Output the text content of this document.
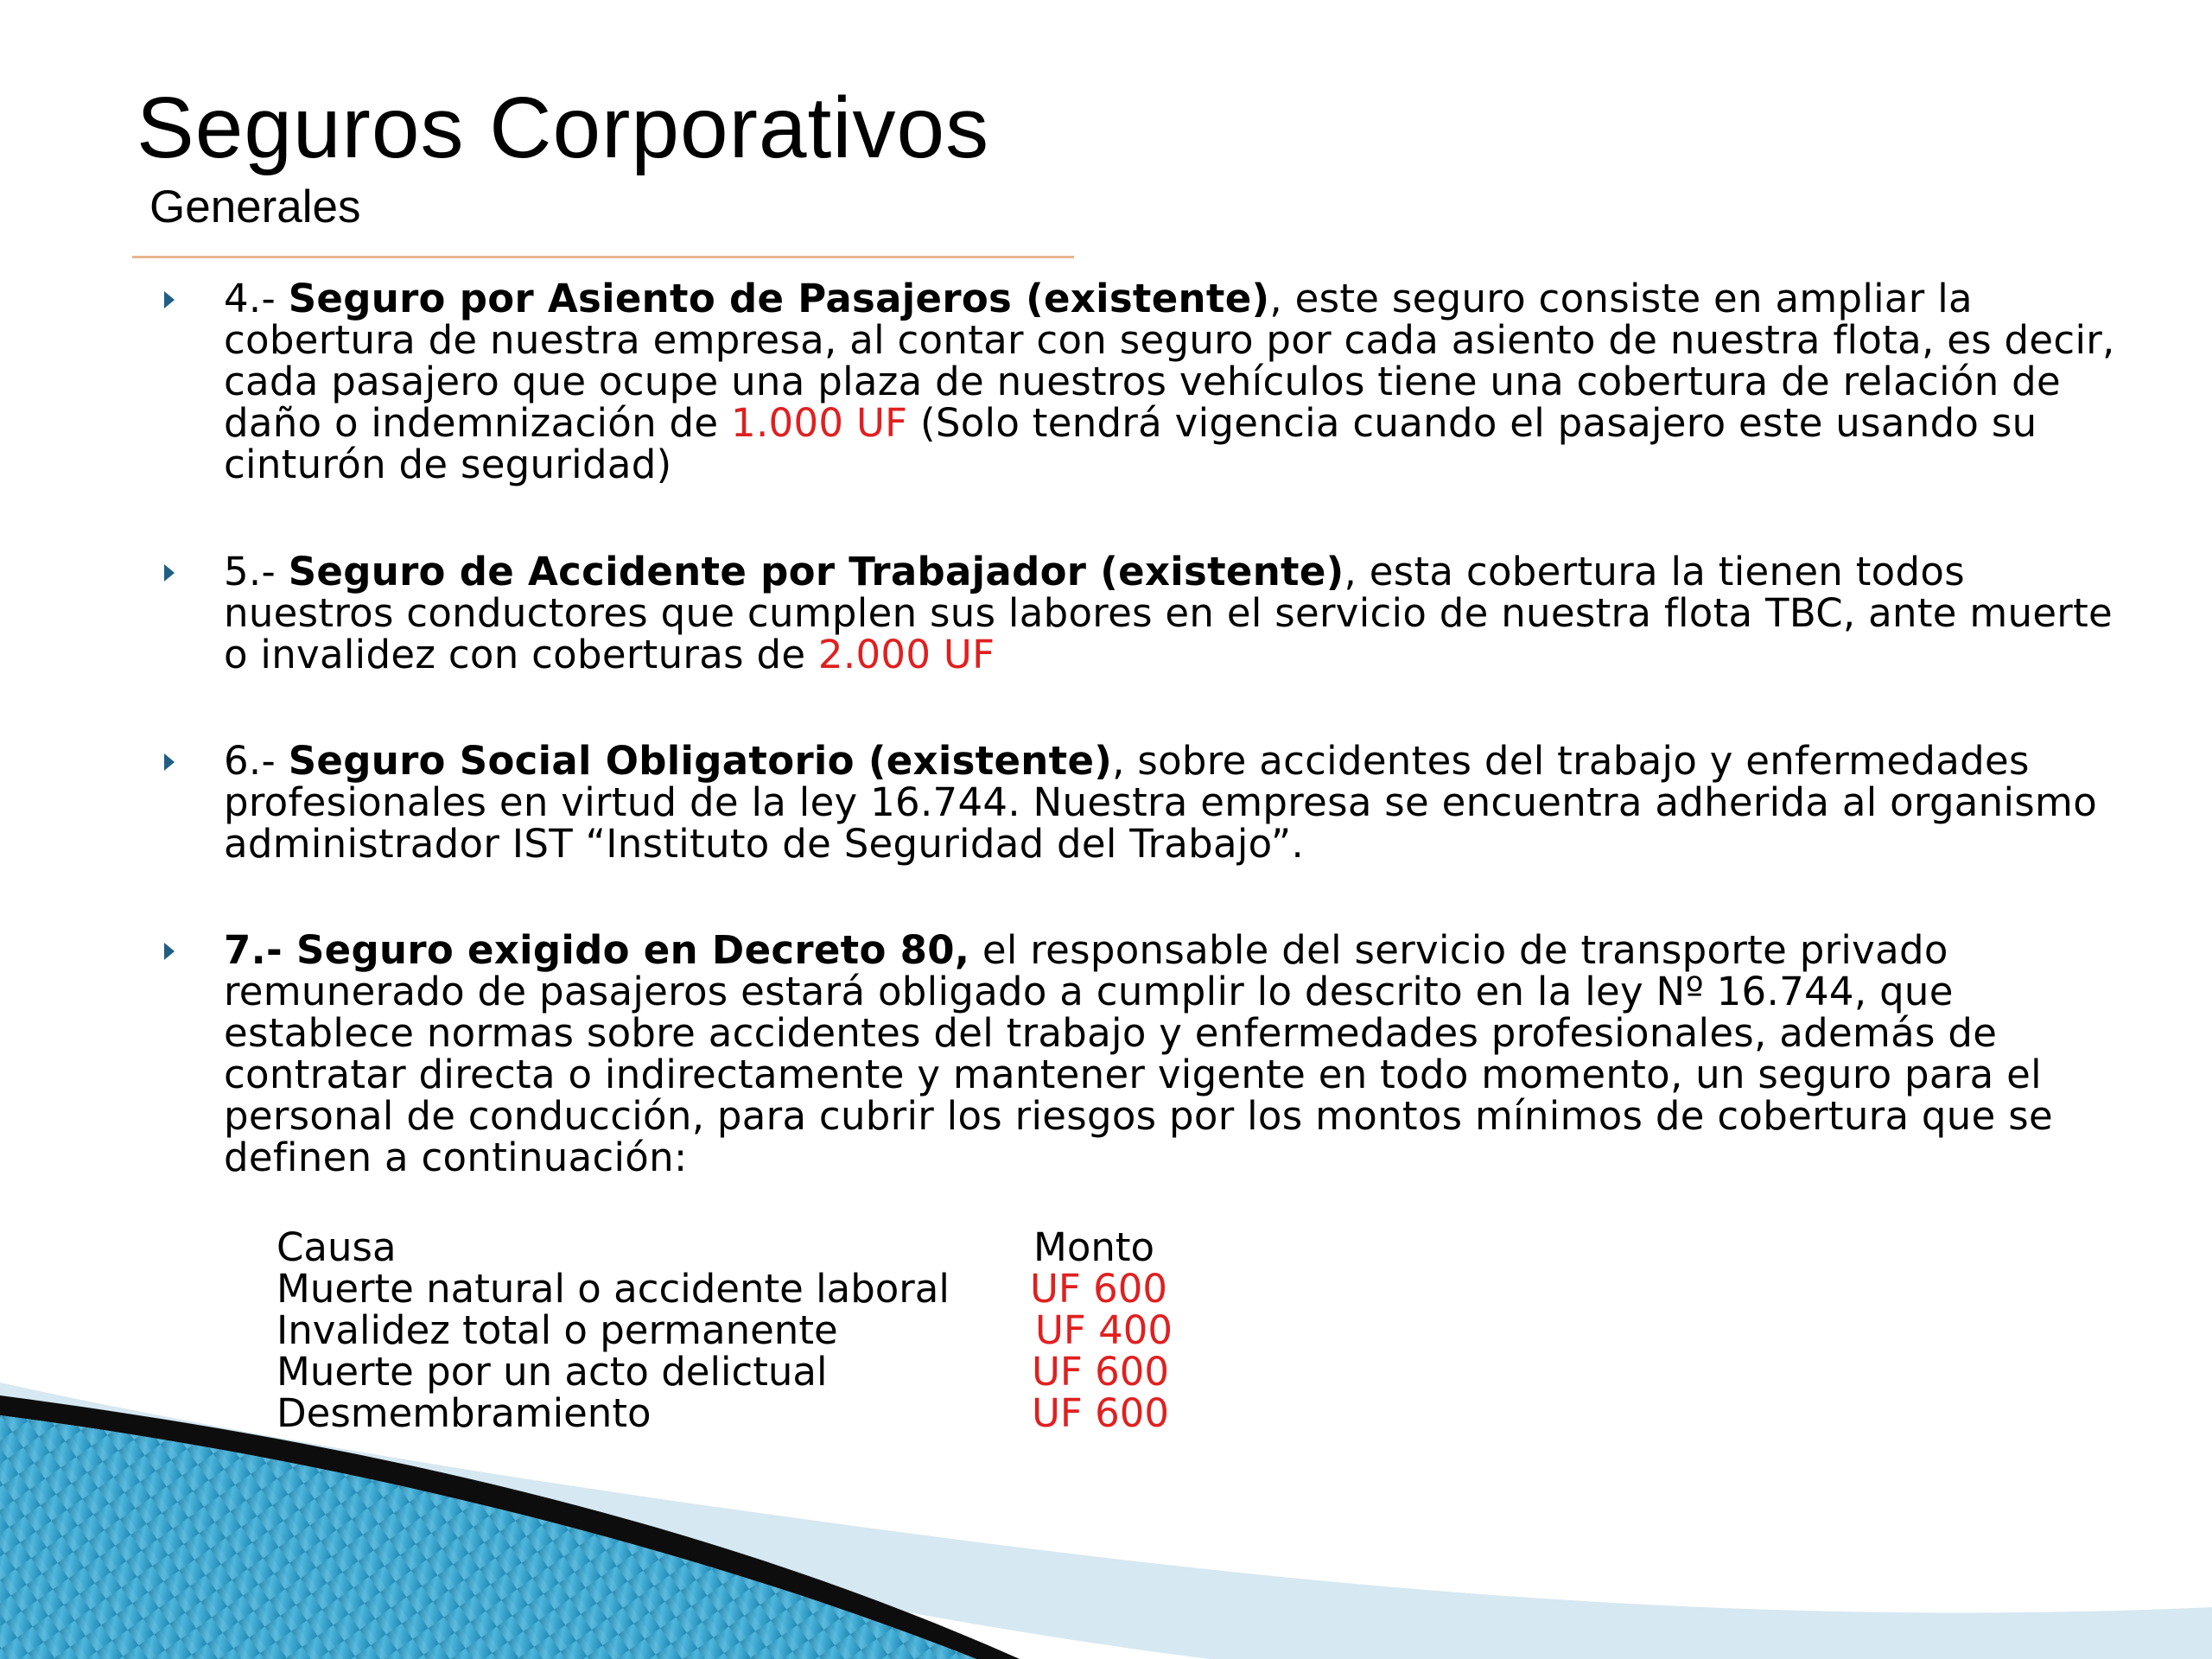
Seguros Corporativos
Generales

4.- Seguro por Asiento de Pasajeros (existente), este seguro consiste en ampliar la cobertura de nuestra empresa, al contar con seguro por cada asiento de nuestra flota, es decir, cada pasajero que ocupe una plaza de nuestros vehículos tiene una cobertura de relación de daño o indemnización de 1.000 UF (Solo tendrá vigencia cuando el pasajero este usando su cinturón de seguridad)

5.- Seguro de Accidente por Trabajador (existente), esta cobertura la tienen todos nuestros conductores que cumplen sus labores en el servicio de nuestra flota TBC, ante muerte o invalidez con coberturas de 2.000 UF

6.- Seguro Social Obligatorio (existente), sobre accidentes del trabajo y enfermedades profesionales en virtud de la ley 16.744. Nuestra empresa se encuentra adherida al organismo administrador IST “Instituto de Seguridad del Trabajo”.

7.- Seguro exigido en Decreto 80, el responsable del servicio de transporte privado remunerado de pasajeros estará obligado a cumplir lo descrito en la ley Nº 16.744, que establece normas sobre accidentes del trabajo y enfermedades profesionales, además de contratar directa o indirectamente y mantener vigente en todo momento, un seguro para el personal de conducción, para cubrir los riesgos por los montos mínimos de cobertura que se definen a continuación:

Causa	Monto
Muerte natural o accidente laboral UF 600
Invalidez total o permanente	UF 400
Muerte por un acto delictual	UF 600
Desmembramiento	UF 600
